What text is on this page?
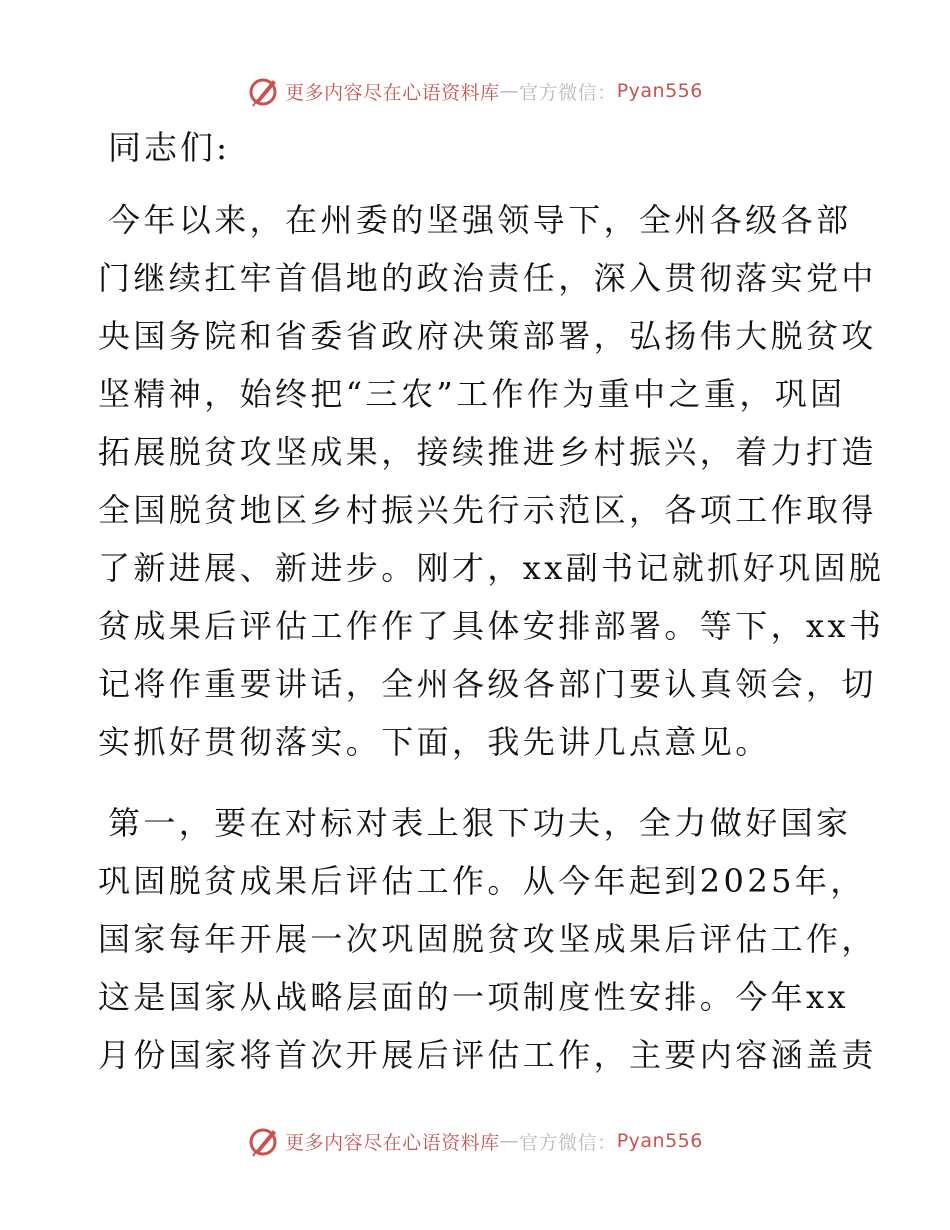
更多内容尽在心语资料库 — 官方微信： Pyan556

同志们:

今年以来，在州委的坚强领导下，全州各级各部
门继续扛牢首倡地的政治责任，深入贯彻落实党中
央国务院和省委省政府决策部署，弘扬伟大脱贫攻
坚精神，始终把“三农”工作作为重中之重，巩固
拓展脱贫攻坚成果，接续推进乡村振兴，着力打造
全国脱贫地区乡村振兴先行示范区，各项工作取得
了新进展、新进步。刚才，xx副书记就抓好巩固脱
贫成果后评估工作作了具体安排部署。等下，xx书
记将作重要讲话，全州各级各部门要认真领会，切
实抓好贯彻落实。下面，我先讲几点意见。
第一，要在对标对表上狠下功夫，全力做好国家
巩固脱贫成果后评估工作。从今年起到2025年，
国家每年开展一次巩固脱贫攻坚成果后评估工作，
这是国家从战略层面的一项制度性安排。今年xx
月份国家将首次开展后评估工作，主要内容涵盖责
更多内容尽在心语资料库 — 官方微信： Pyan556
